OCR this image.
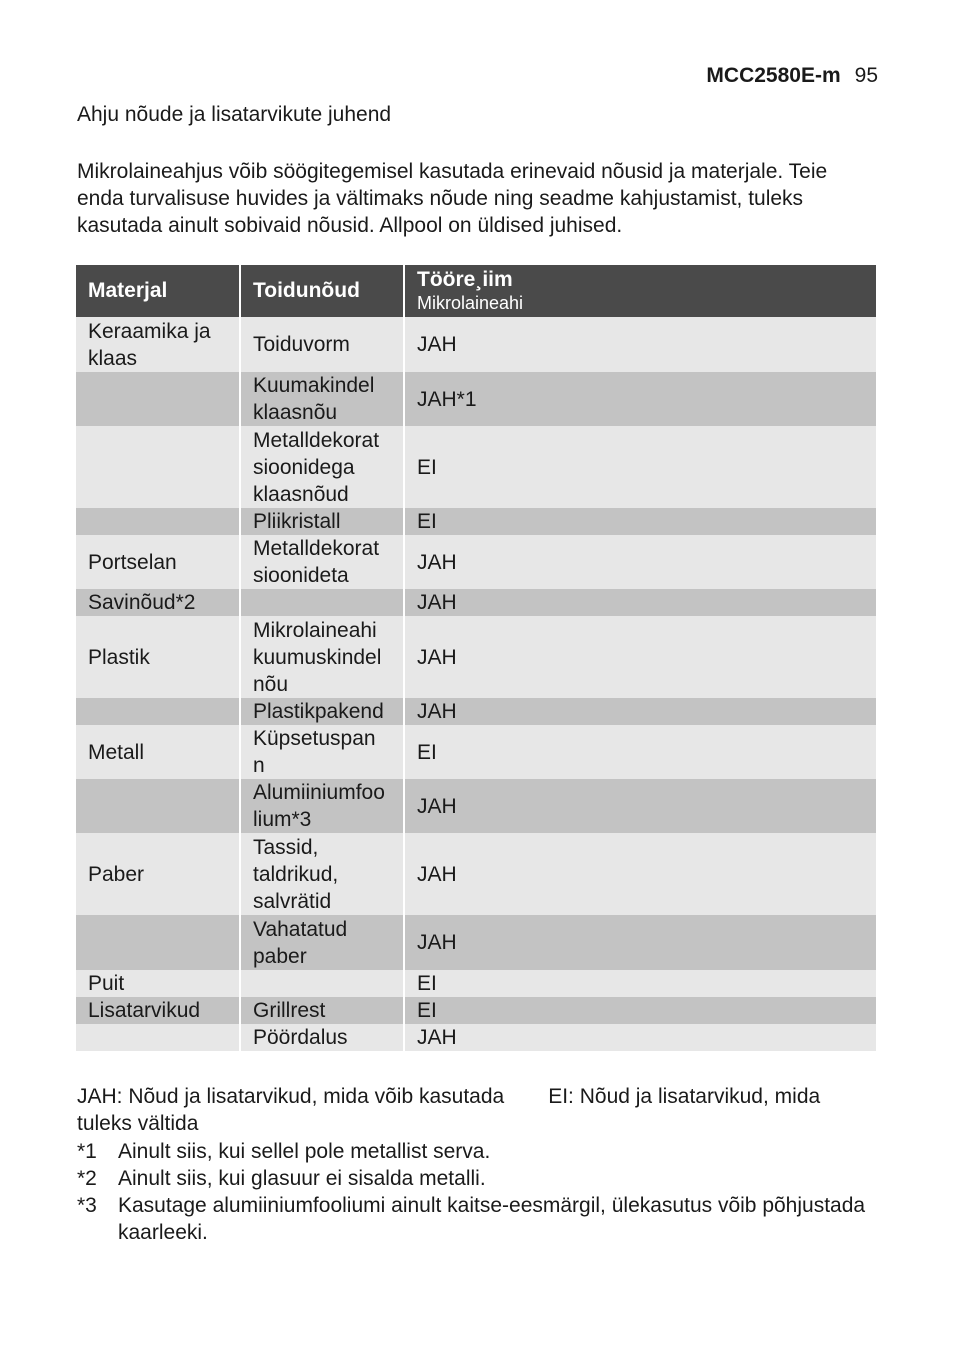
MCC2580E-m 95
Ahju nõude ja lisatarvikute juhend

Mikrolaineahjus võib söögitegemisel kasutada erinevaid nõusid ja materjale. Teie enda turvalisuse huvides ja vältimaks nõude ning seadme kahjustamist, tuleks kasutada ainult sobivaid nõusid. Allpool on üldised juhised.

Materjal	Toidunõud	Tööre¸iim
Mikrolaineahi

Keraamika ja klaas	Toiduvorm	JAH
	Kuumakindel klaasnõu	JAH*1
	Metalldekorat sioonidega klaasnõud	EI
	Pliikristall	EI
Portselan	Metalldekorat sioonideta	JAH
Savinõud*2		JAH
Plastik	Mikrolaineahi kuumuskindel nõu	JAH
	Plastikpakend	JAH
Metall	Küpsetuspan n	EI
	Alumiiniumfoo lium*3	JAH
Paber	Tassid, taldrikud, salvrätid	JAH
	Vahatatud paber	JAH
Puit		EI
Lisatarvikud	Grillrest	EI
	Pöördalus	JAH
JAH: Nõud ja lisatarvikud, mida võib kasutada EI: Nõud ja lisatarvikud, mida
tuleks vältida
*1	Ainult siis, kui sellel pole metallist serva.
*2	Ainult siis, kui glasuur ei sisalda metalli.
*3	Kasutage alumiiniumfooliumi ainult kaitse-eesmärgil, ülekasutus võib põhjustada kaarleeki.
